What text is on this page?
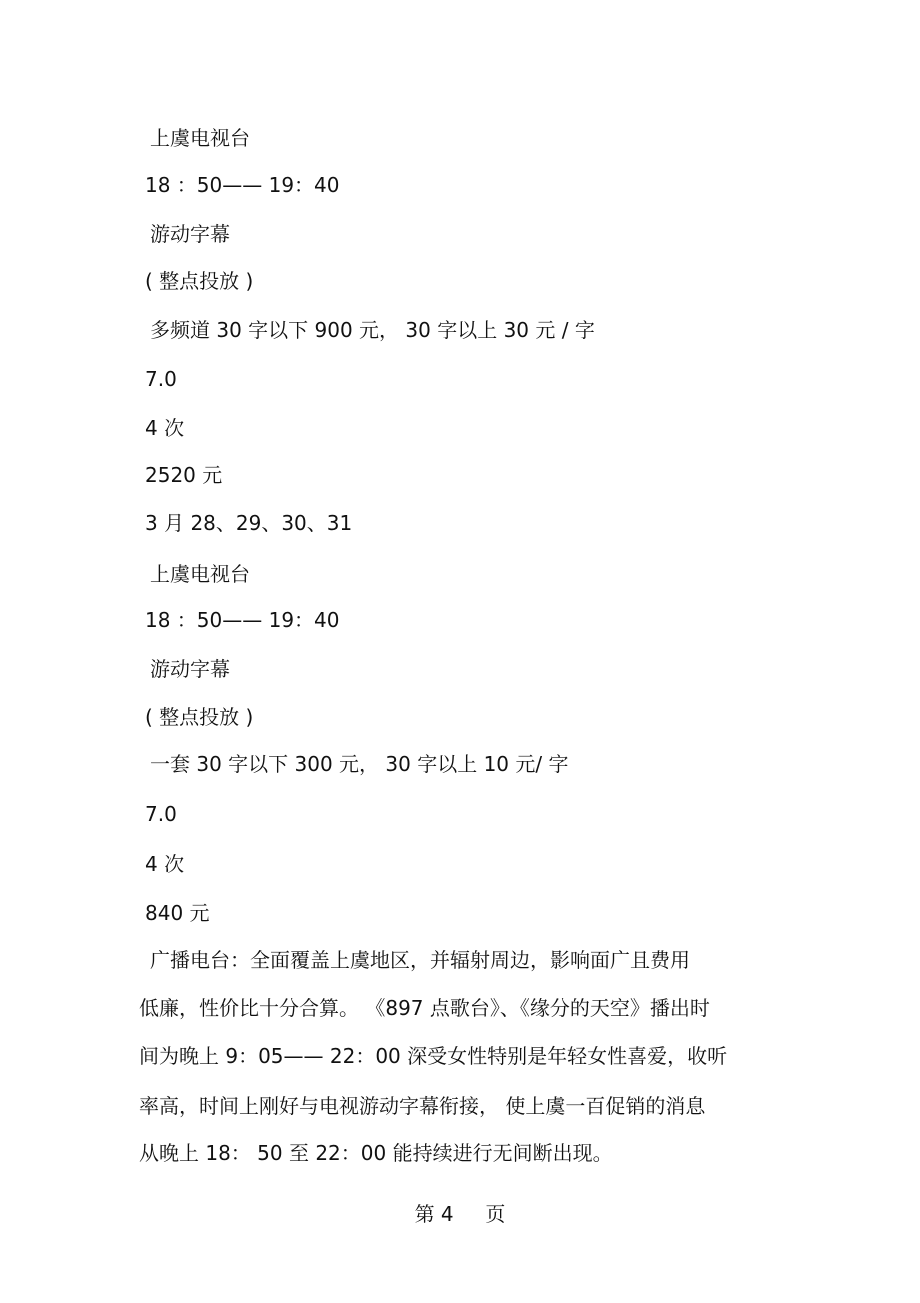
上虞电视台
18 ：50—— 19：40
游动字幕
( 整点投放 )
多频道 30 字以下 900 元， 30 字以上 30 元 / 字
7.0
4 次
2520 元
3 月 28、29、30、31
上虞电视台
18 ：50—— 19：40
游动字幕
( 整点投放 )
一套 30 字以下 300 元， 30 字以上 10 元/ 字
7.0
4 次
840 元
广播电台：全面覆盖上虞地区，并辐射周边，影响面广且费用
低廉，性价比十分合算。 《897 点歌台》、《缘分的天空》播出时
间为晚上 9：05—— 22：00 深受女性特别是年轻女性喜爱，收听
率高，时间上刚好与电视游动字幕衔接， 使上虞一百促销的消息
从晚上 18： 50 至 22：00 能持续进行无间断出现。
第 4     页
